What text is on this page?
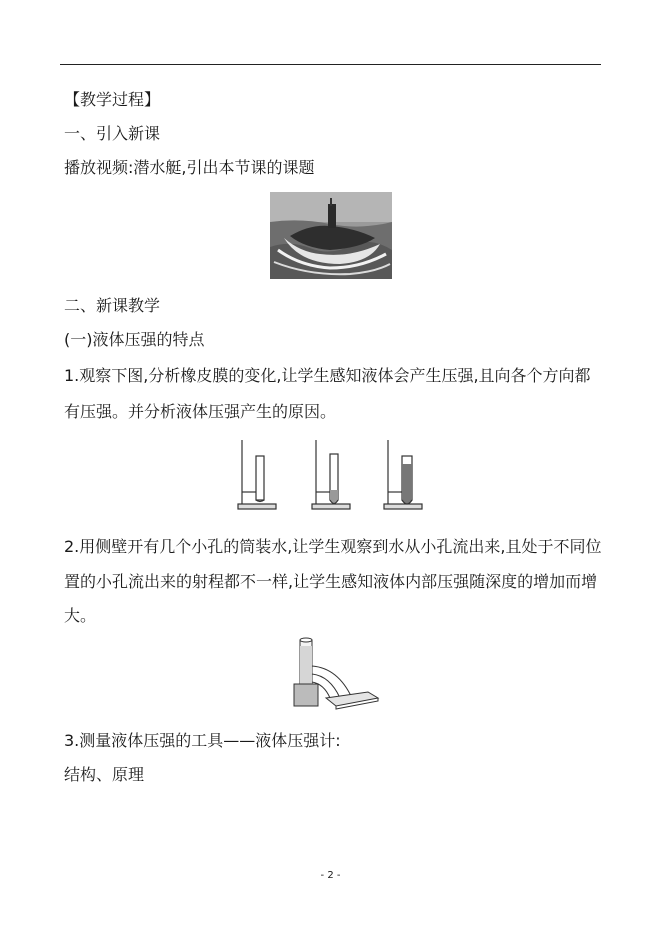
【教学过程】
一、引入新课
播放视频:潜水艇,引出本节课的课题
二、新课教学
(一)液体压强的特点
1.观察下图,分析橡皮膜的变化,让学生感知液体会产生压强,且向各个方向都
有压强。并分析液体压强产生的原因。
2.用侧壁开有几个小孔的筒装水,让学生观察到水从小孔流出来,且处于不同位
置的小孔流出来的射程都不一样,让学生感知液体内部压强随深度的增加而增
大。
3.测量液体压强的工具——液体压强计:
结构、原理
- 2 -
